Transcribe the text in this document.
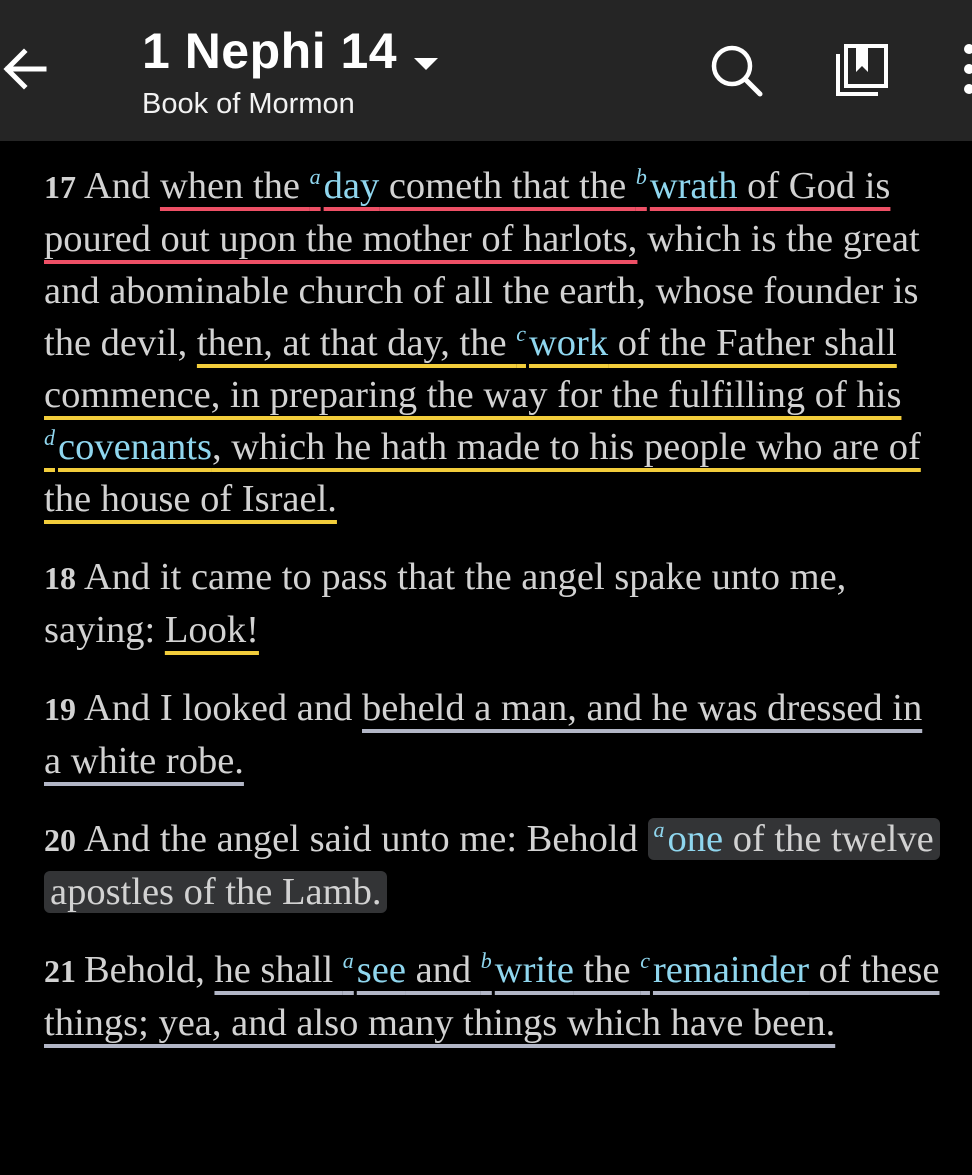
1 Nephi 14
Book of Mormon

17 And when the $^a$day cometh that the $^b$wrath of God is poured out upon the mother of harlots, which is the great and abominable church of all the earth, whose founder is the devil, then, at that day, the $^c$work of the Father shall commence, in preparing the way for the fulfilling of his $^d$covenants, which he hath made to his people who are of the house of Israel.

18 And it came to pass that the angel spake unto me, saying: Look!

19 And I looked and beheld a man, and he was dressed in a white robe.

20 And the angel said unto me: Behold $^a$one of the twelve apostles of the Lamb.

21 Behold, he shall $^a$see and $^b$write the $^c$remainder of these things; yea, and also many things which have been.
